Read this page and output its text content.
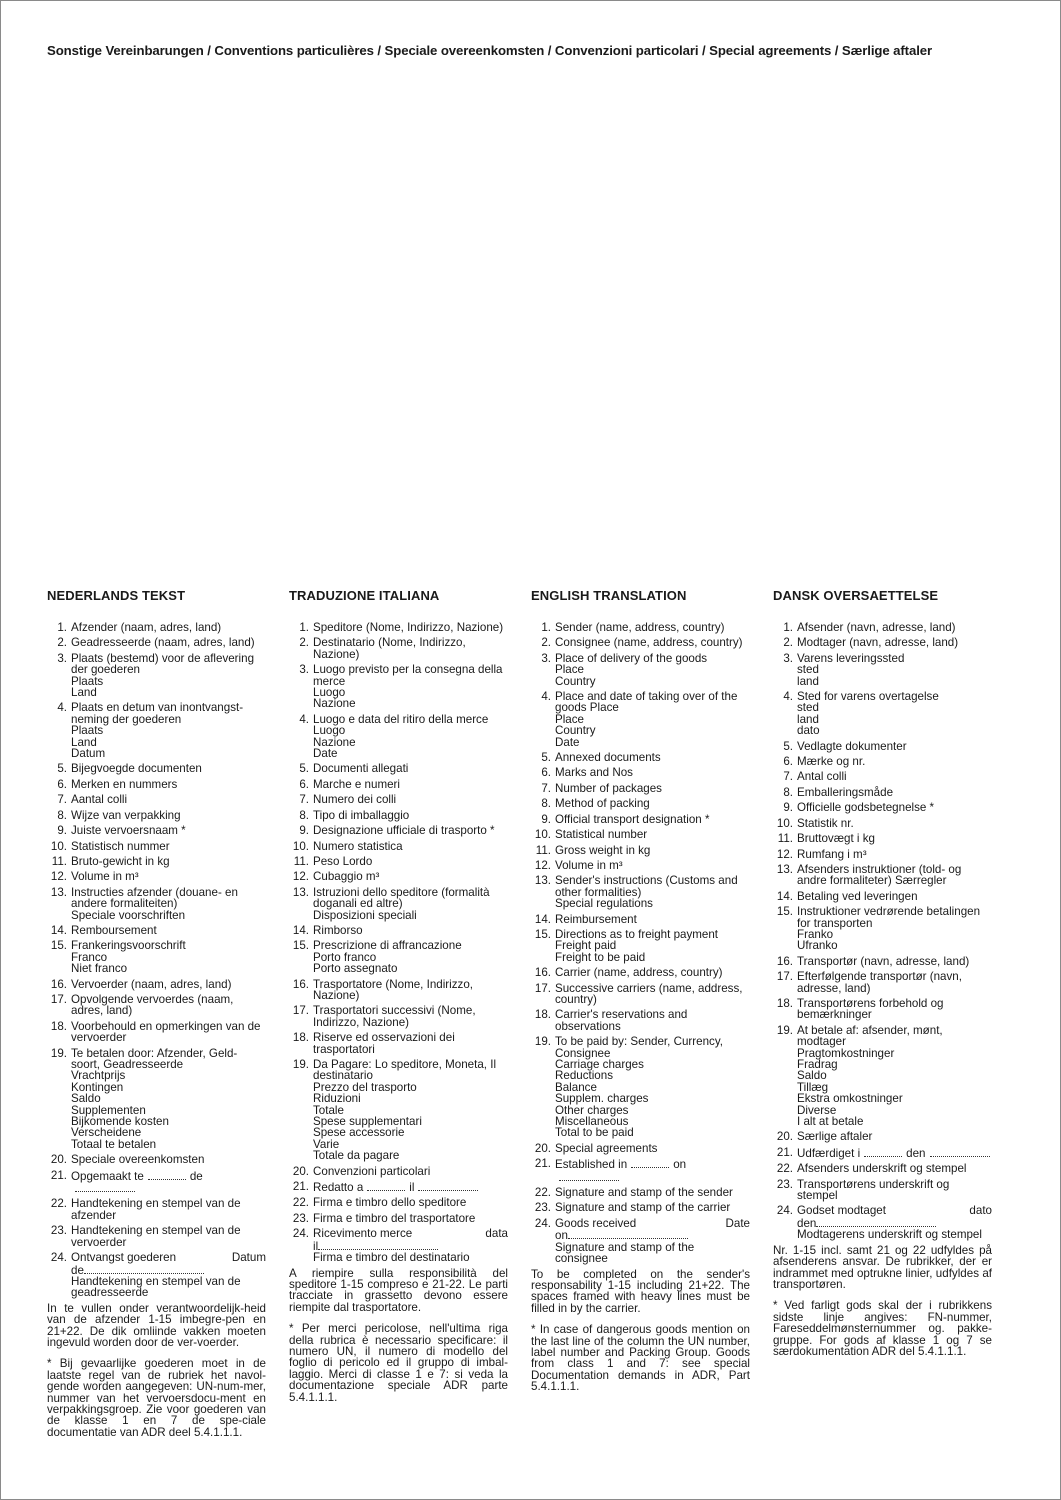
Sonstige Vereinbarungen / Conventions particulières / Speciale overeenkomsten / Convenzioni particolari / Special agreements / Særlige aftaler
NEDERLANDS TEKST
1. Afzender (naam, adres, land)
2. Geadresseerde (naam, adres, land)
3. Plaats (bestemd) voor de aflevering der goederen
Plaats
Land
4. Plaats en detum van inontvangst-neming der goederen
Plaats
Land
Datum
5. Bijegvoegde documenten
6. Merken en nummers
7. Aantal colli
8. Wijze van verpakking
9. Juiste vervoersnaam *
10. Statistisch nummer
11. Bruto-gewicht in kg
12. Volume in m³
13. Instructies afzender (douane- en andere formaliteiten)
Speciale voorschriften
14. Remboursement
15. Frankeringsvoorschrift
Franco
Niet franco
16. Vervoerder (naam, adres, land)
17. Opvolgende vervoerdes (naam, adres, land)
18. Voorbehould en opmerkingen van de vervoerder
19. Te betalen door: Afzender, Geld-soort, Geadresseerde
Vrachtprijs
Kontingen
Saldo
Supplementen
Bijkomende kosten
Verscheidene
Totaal te betalen
20. Speciale overeenkomsten
21. Opgemaakt te	de
22. Handtekening en stempel van de afzender
23. Handtekening en stempel van de vervoerder
24. Ontvangst goederen	Datum
de
Handtekening en stempel van de geadresseerde
In te vullen onder verantwoordelijk-heid van de afzender 1-15 imbegre-pen en 21+22. De dik omliinde vakken moeten ingevuld worden door de ver-voerder.
* Bij gevaarlijke goederen moet in de laatste regel van de rubriek het navol-gende worden aangegeven: UN-num-mer, nummer van het vervoersdocu-ment en verpakkingsgroep. Zie voor goederen van de klasse 1 en 7 de spe-ciale documentatie van ADR deel 5.4.1.1.1.
TRADUZIONE ITALIANA
1. Speditore (Nome, Indirizzo, Nazione)
2. Destinatario (Nome, Indirizzo, Nazione)
3. Luogo previsto per la consegna della merce
Luogo
Nazione
4. Luogo e data del ritiro della merce
Luogo
Nazione
Date
5. Documenti allegati
6. Marche e numeri
7. Numero dei colli
8. Tipo di imballaggio
9. Designazione ufficiale di trasporto *
10. Numero statistica
11. Peso Lordo
12. Cubaggio m³
13. Istruzioni dello speditore (formalità doganali ed altre)
Disposizioni speciali
14. Rimborso
15. Prescrizione di affrancazione
Porto franco
Porto assegnato
16. Trasportatore (Nome, Indirizzo, Nazione)
17. Trasportatori successivi (Nome, Indirizzo, Nazione)
18. Riserve ed osservazioni dei trasportatori
19. Da Pagare: Lo speditore, Moneta, Il destinatario
Prezzo del trasporto
Riduzioni
Totale
Spese supplementari
Spese accessorie
Varie
Totale da pagare
20. Convenzioni particolari
21. Redatto a	il
22. Firma e timbro dello speditore
23. Firma e timbro del trasportatore
24. Ricevimento merce	data
il
Firma e timbro del destinatario
A riempire sulla responsibilità del speditore 1-15 compreso e 21-22. Le parti tracciate in grassetto devono essere riempite dal trasportatore.
* Per merci pericolose, nell'ultima riga della rubrica è necessario specificare: il numero UN, il numero di modello del foglio di pericolo ed il gruppo di imbal-laggio. Merci di classe 1 e 7: si veda la documentazione speciale ADR parte 5.4.1.1.1.
ENGLISH TRANSLATION
1. Sender (name, address, country)
2. Consignee (name, address, country)
3. Place of delivery of the goods
Place
Country
4. Place and date of taking over of the goods Place
Place
Country
Date
5. Annexed documents
6. Marks and Nos
7. Number of packages
8. Method of packing
9. Official transport designation *
10. Statistical number
11. Gross weight in kg
12. Volume in m³
13. Sender's instructions (Customs and other formalities)
Special regulations
14. Reimbursement
15. Directions as to freight payment
Freight paid
Freight to be paid
16. Carrier (name, address, country)
17. Successive carriers (name, address, country)
18. Carrier's reservations and observations
19. To be paid by: Sender, Currency, Consignee
Carriage charges
Reductions
Balance
Supplem. charges
Other charges
Miscellaneous
Total to be paid
20. Special agreements
21. Established in	on
22. Signature and stamp of the sender
23. Signature and stamp of the carrier
24. Goods received	Date
on
Signature and stamp of the consignee
To be completed on the sender's responsability 1-15 including 21+22. The spaces framed with heavy lines must be filled in by the carrier.
* In case of dangerous goods mention on the last line of the column the UN number, label number and Packing Group. Goods from class 1 and 7: see special Documentation demands in ADR, Part 5.4.1.1.1.
DANSK OVERSAETTELSE
1. Afsender (navn, adresse, land)
2. Modtager (navn, adresse, land)
3. Varens leveringssted
sted
land
4. Sted for varens overtagelse
sted
land
dato
5. Vedlagte dokumenter
6. Mærke og nr.
7. Antal colli
8. Emballeringsmåde
9. Officielle godsbetegnelse *
10. Statistik nr.
11. Bruttovægt i kg
12. Rumfang i m³
13. Afsenders instruktioner (told- og andre formaliteter) Særregler
14. Betaling ved leveringen
15. Instruktioner vedrørende betalingen for transporten
Franko
Ufranko
16. Transportør (navn, adresse, land)
17. Efterfølgende transportør (navn, adresse, land)
18. Transportørens forbehold og bemærkninger
19. At betale af: afsender, mønt, modtager
Pragtomkostninger
Fradrag
Saldo
Tillæg
Ekstra omkostninger
Diverse
I alt at betale
20. Særlige aftaler
21. Udfærdiget i	den
22. Afsenders underskrift og stempel
23. Transportørens underskrift og stempel
24. Godset modtaget	dato
den
Modtagerens underskrift og stempel
Nr. 1-15 incl. samt 21 og 22 udfyldes på afsenderens ansvar. De rubrikker, der er indrammet med optrukne linier, udfyldes af transportøren.
* Ved farligt gods skal der i rubrikkens sidste linje angives: FN-nummer, Fareseddelmønsternummer og. pakke-gruppe. For gods af klasse 1 og 7 se særdokumentation ADR del 5.4.1.1.1.
